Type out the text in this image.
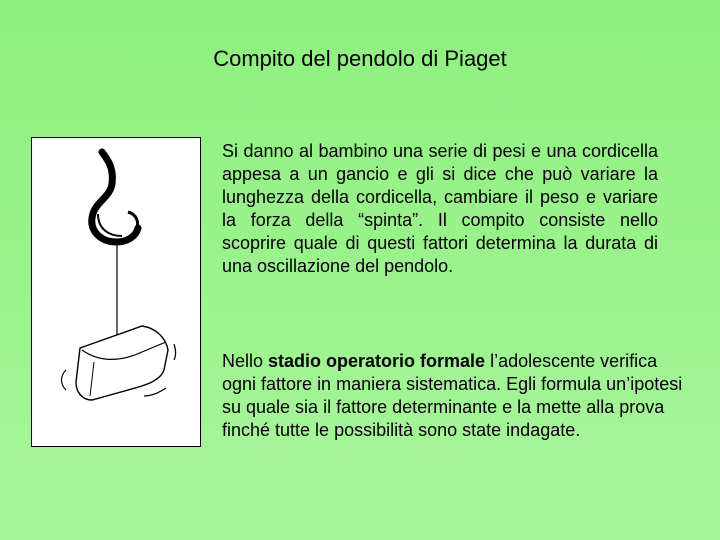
Compito del pendolo di Piaget

Si danno al bambino una serie di pesi e una cordicella appesa a un gancio e gli si dice che può variare la lunghezza della cordicella, cambiare il peso e variare la forza della “spinta”. Il compito consiste nello scoprire quale di questi fattori determina la durata di una oscillazione del pendolo.

Nello stadio operatorio formale l’adolescente verifica ogni fattore in maniera sistematica. Egli formula un’ipotesi su quale sia il fattore determinante e la mette alla prova finché tutte le possibilità sono state indagate.
